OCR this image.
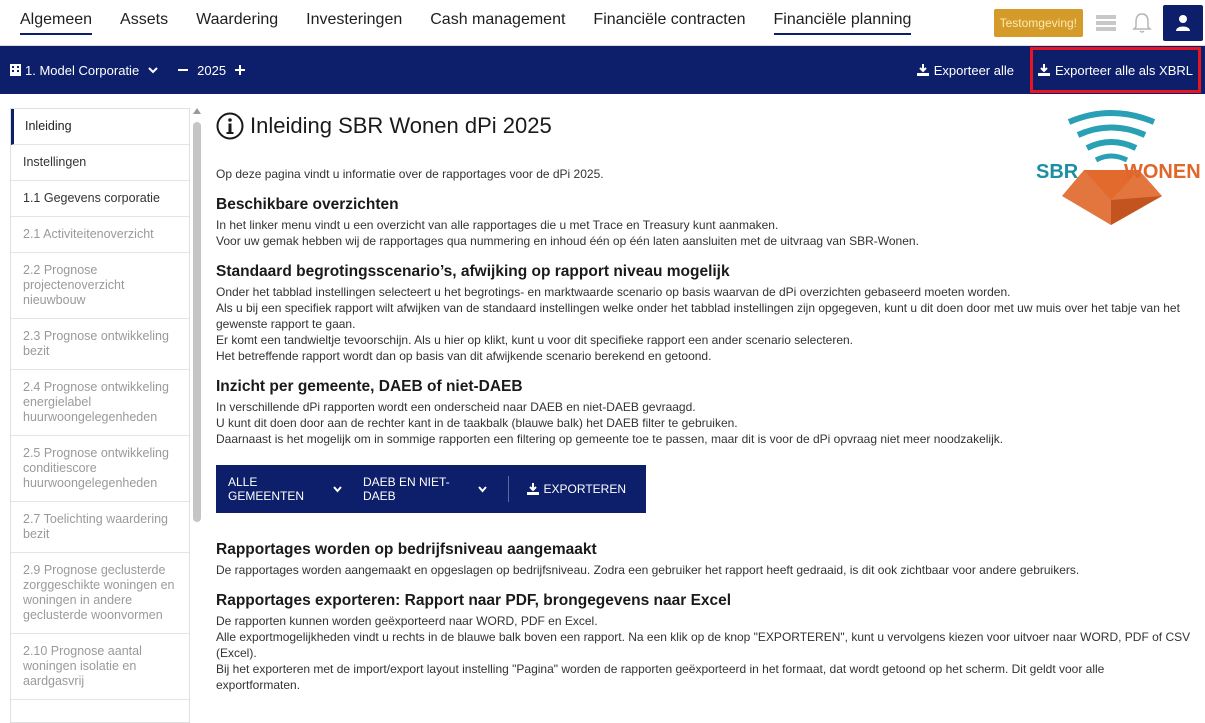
Algemeen Assets Waardering Investeringen Cash management Financiële contracten Financiële planning	Testomgeving!
1. Model Corporatie	2025	Exporteer alle	Exporteer alle als XBRL
Inleiding
Instellingen
1.1 Gegevens corporatie
2.1 Activiteitenoverzicht
2.2 Prognose projectenoverzicht nieuwbouw
2.3 Prognose ontwikkeling bezit
2.4 Prognose ontwikkeling energielabel huurwoongelegenheden
2.5 Prognose ontwikkeling conditiescore huurwoongelegenheden
2.7 Toelichting waardering bezit
2.9 Prognose geclusterde zorggeschikte woningen en woningen in andere geclusterde woonvormen
2.10 Prognose aantal woningen isolatie en aardgasvrij
SBR WONEN
Inleiding SBR Wonen dPi 2025

Op deze pagina vindt u informatie over de rapportages voor de dPi 2025.

Beschikbare overzichten

In het linker menu vindt u een overzicht van alle rapportages die u met Trace en Treasury kunt aanmaken.

Voor uw gemak hebben wij de rapportages qua nummering en inhoud één op één laten aansluiten met de uitvraag van SBR-Wonen.

Standaard begrotingsscenario’s, afwijking op rapport niveau mogelijk

Onder het tabblad instellingen selecteert u het begrotings- en marktwaarde scenario op basis waarvan de dPi overzichten gebaseerd moeten worden.

Als u bij een specifiek rapport wilt afwijken van de standaard instellingen welke onder het tabblad instellingen zijn opgegeven, kunt u dit doen door met uw muis over het tabje van het gewenste rapport te gaan.

Er komt een tandwieltje tevoorschijn. Als u hier op klikt, kunt u voor dit specifieke rapport een ander scenario selecteren.

Het betreffende rapport wordt dan op basis van dit afwijkende scenario berekend en getoond.

Inzicht per gemeente, DAEB of niet-DAEB

In verschillende dPi rapporten wordt een onderscheid naar DAEB en niet-DAEB gevraagd.

U kunt dit doen door aan de rechter kant in de taakbalk (blauwe balk) het DAEB filter te gebruiken.

Daarnaast is het mogelijk om in sommige rapporten een filtering op gemeente toe te passen, maar dit is voor de dPi opvraag niet meer noodzakelijk.

ALLE GEMEENTEN
DAEB EN NIET-DAEB	EXPORTEREN
Rapportages worden op bedrijfsniveau aangemaakt

De rapportages worden aangemaakt en opgeslagen op bedrijfsniveau. Zodra een gebruiker het rapport heeft gedraaid, is dit ook zichtbaar voor andere gebruikers.

Rapportages exporteren: Rapport naar PDF, brongegevens naar Excel

De rapporten kunnen worden geëxporteerd naar WORD, PDF en Excel.

Alle exportmogelijkheden vindt u rechts in de blauwe balk boven een rapport. Na een klik op de knop "EXPORTEREN", kunt u vervolgens kiezen voor uitvoer naar WORD, PDF of CSV (Excel).

Bij het exporteren met de import/export layout instelling "Pagina" worden de rapporten geëxporteerd in het formaat, dat wordt getoond op het scherm. Dit geldt voor alle exportformaten.
